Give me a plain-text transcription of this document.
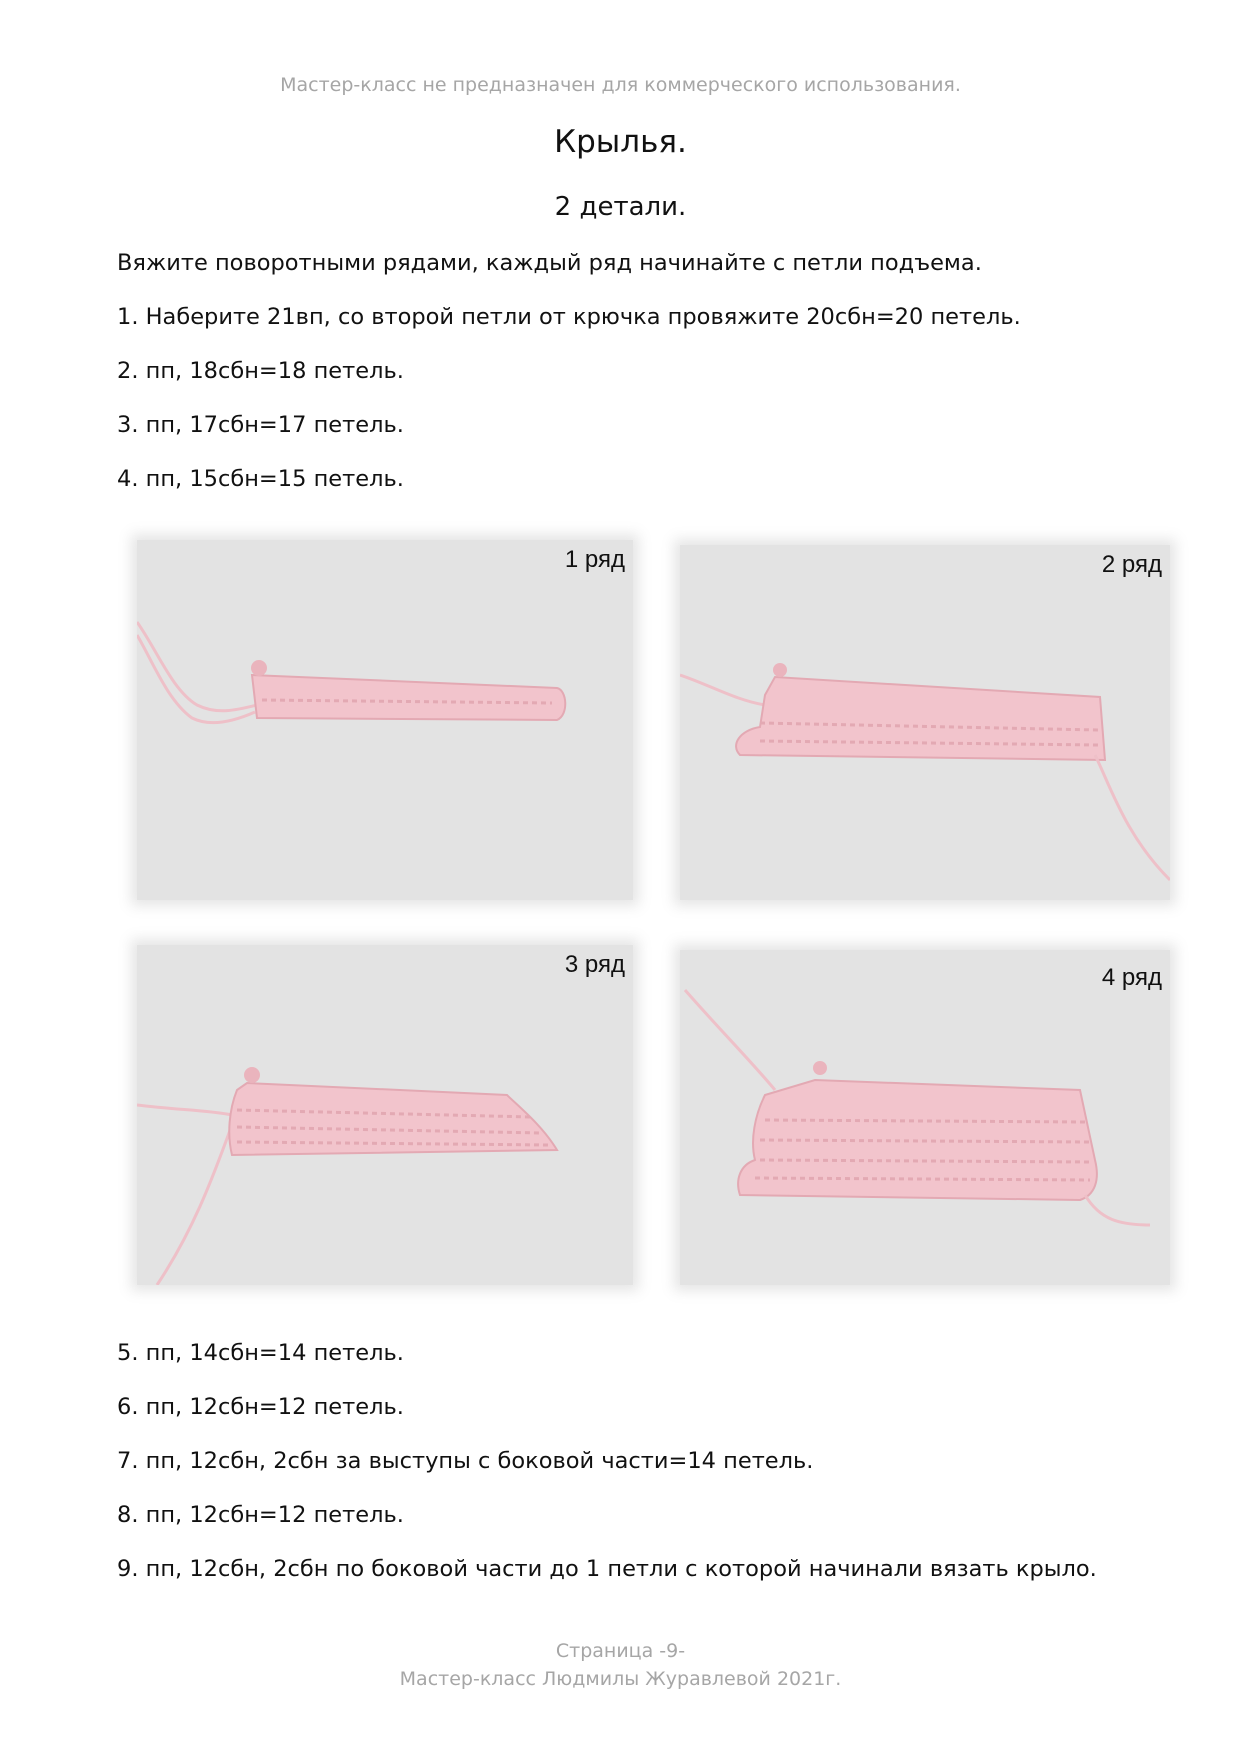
Мастер-класс не предназначен для коммерческого использования.
Крылья.
2 детали.
Вяжите поворотными рядами, каждый ряд начинайте с петли подъема.
1. Наберите 21вп, со второй петли от крючка провяжите 20сбн=20 петель.
2. пп, 18сбн=18 петель.
3. пп, 17сбн=17 петель.
4. пп, 15сбн=15 петель.
1 ряд	2 ряд
3 ряд	4 ряд
5. пп, 14сбн=14 петель.
6. пп, 12сбн=12 петель.
7. пп, 12сбн, 2сбн за выступы с боковой части=14 петель.
8. пп, 12сбн=12 петель.
9. пп, 12сбн, 2сбн по боковой части до 1 петли с которой начинали вязать крыло.
Страница -9-
Мастер-класс Людмилы Журавлевой 2021г.
